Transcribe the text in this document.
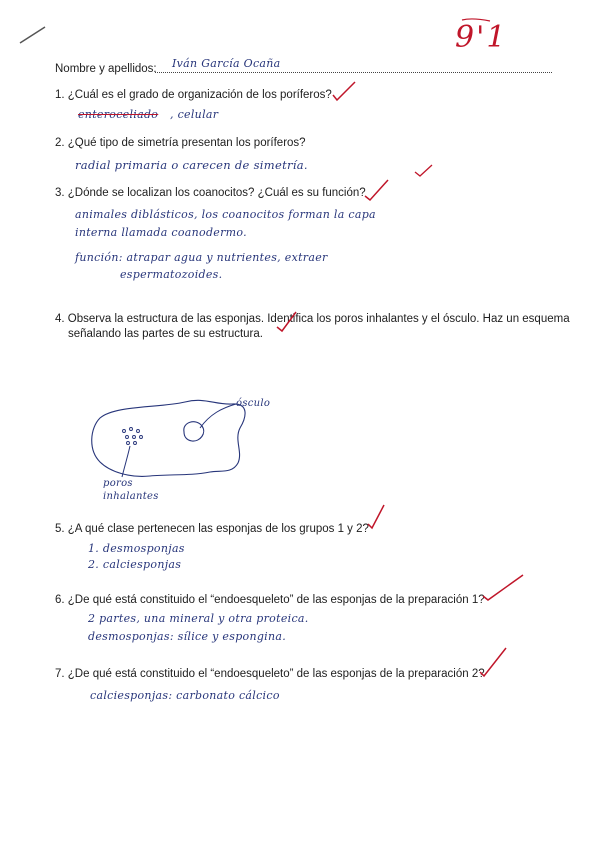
9'1
Nombre y apellidos: Iván García Ocaña
1. ¿Cuál es el grado de organización de los poríferos?
enteroceliado , celular
2. ¿Qué tipo de simetría presentan los poríferos?
radial primaria o carecen de simetría.
3. ¿Dónde se localizan los coanocitos? ¿Cuál es su función?
animales diblásticos, los coanocitos forman la capa
interna llamada coanodermo.
función: atrapar agua y nutrientes, extraer
espermatozoides.
4. Observa la estructura de las esponjas. Identifica los poros inhalantes y el ósculo. Haz un esquema
señalando las partes de su estructura.
ósculo
poros
inhalantes
5. ¿A qué clase pertenecen las esponjas de los grupos 1 y 2?
1. desmosponjas
2. calciesponjas
6. ¿De qué está constituido el “endoesqueleto” de las esponjas de la preparación 1?
2 partes, una mineral y otra proteica.
desmosponjas: sílice y espongina.
7. ¿De qué está constituido el “endoesqueleto” de las esponjas de la preparación 2?
calciesponjas: carbonato cálcico
